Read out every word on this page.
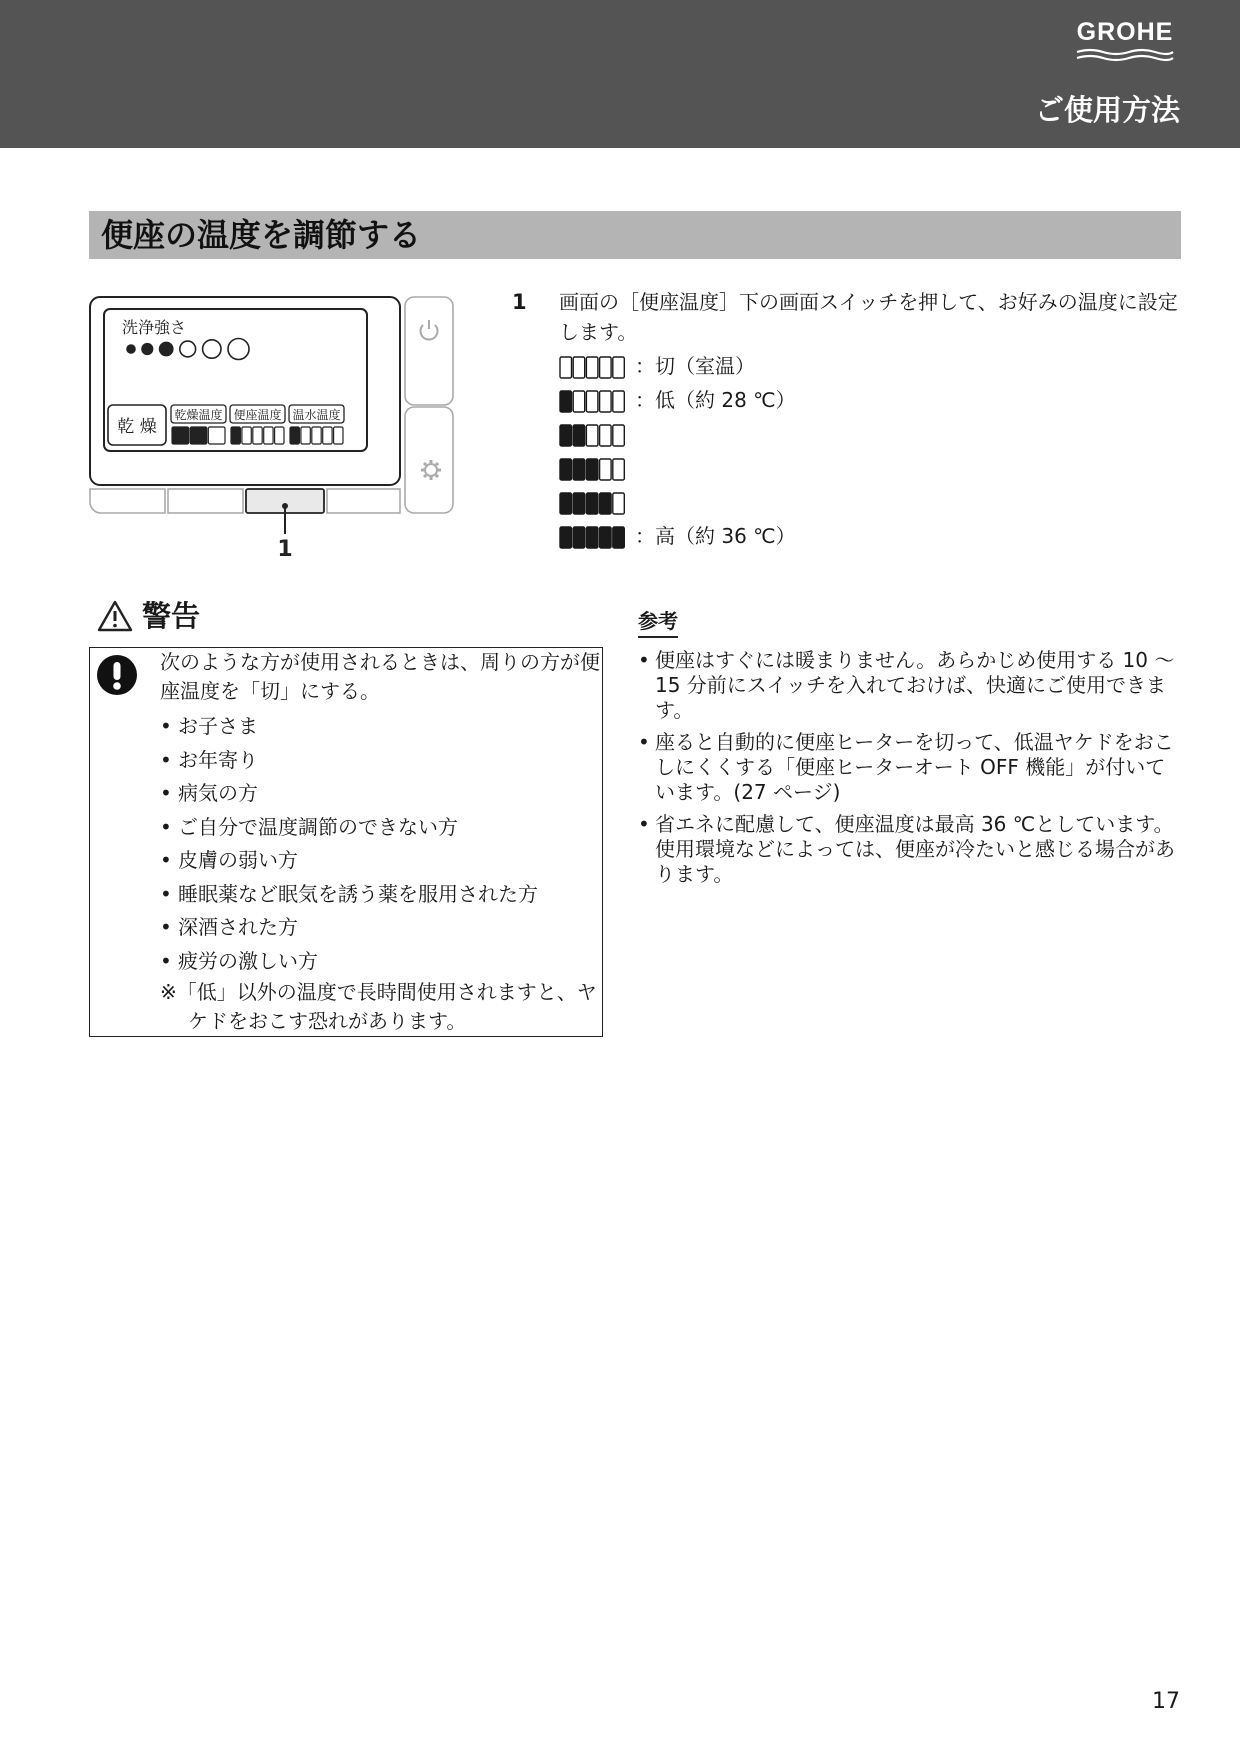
GROHE
ご使用方法
便座の温度を調節する
洗浄強さ
乾 燥
乾燥温度 便座温度 温水温度
1
1 画面の［便座温度］下の画面スイッチを押して、お好みの温度に設定します。
：切（室温）
：低（約 28 ℃）
：高（約 36 ℃）
警告
次のような方が使用されるときは、周りの方が便座温度を「切」にする。
• お子さま
• お年寄り
• 病気の方
• ご自分で温度調節のできない方
• 皮膚の弱い方
• 睡眠薬など眠気を誘う薬を服用された方
• 深酒された方
• 疲労の激しい方
※「低」以外の温度で長時間使用されますと、ヤケドをおこす恐れがあります。
参考
• 便座はすぐには暖まりません。あらかじめ使用する 10 ～ 15 分前にスイッチを入れておけば、快適にご使用できます。
• 座ると自動的に便座ヒーターを切って、低温ヤケドをおこしにくくする「便座ヒーターオート OFF 機能」が付いています。(27 ページ)
• 省エネに配慮して、便座温度は最高 36 ℃としています。使用環境などによっては、便座が冷たいと感じる場合があります。
17
